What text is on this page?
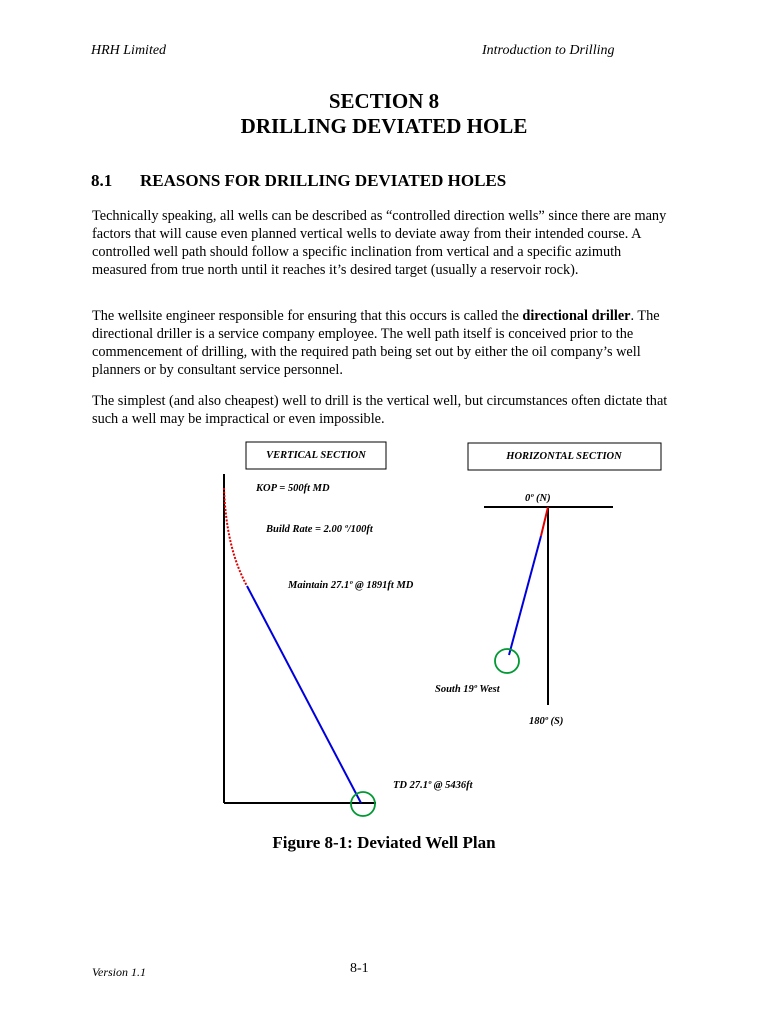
HRH Limited	Introduction to Drilling
SECTION 8
DRILLING DEVIATED HOLE
8.1 REASONS FOR DRILLING DEVIATED HOLES
Technically speaking, all wells can be described as “controlled direction wells” since there are many factors that will cause even planned vertical wells to deviate away from their intended course. A controlled well path should follow a specific inclination from vertical and a specific azimuth measured from true north until it reaches it’s desired target (usually a reservoir rock).
The wellsite engineer responsible for ensuring that this occurs is called the directional driller. The directional driller is a service company employee. The well path itself is conceived prior to the commencement of drilling, with the required path being set out by either the oil company’s well planners or by consultant service personnel.
The simplest (and also cheapest) well to drill is the vertical well, but circumstances often dictate that such a well may be impractical or even impossible.
VERTICAL SECTION	HORIZONTAL SECTION
KOP = 500ft MD
Build Rate = 2.00 º/100ft
Maintain 27.1º @ 1891ft MD
TD 27.1º @ 5436ft
0º (N)
South 19º West
180º (S)
Figure 8-1: Deviated Well Plan
Version 1.1	8-1
